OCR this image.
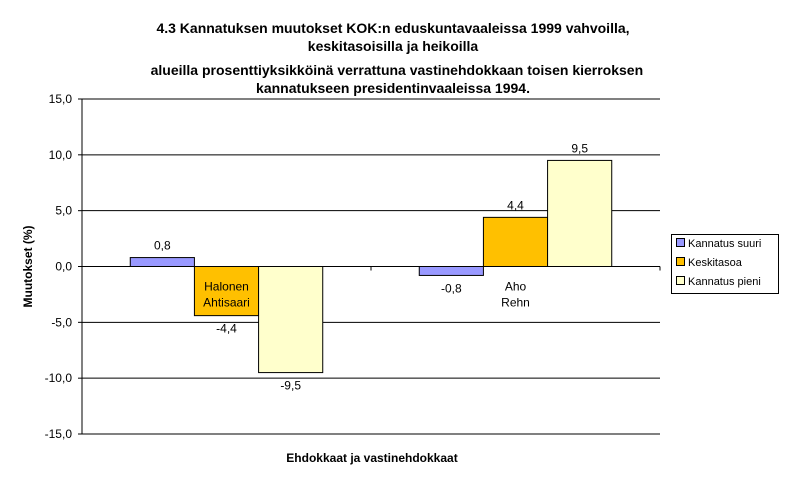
4.3 Kannatuksen muutokset KOK:n eduskuntavaaleissa 1999 vahvoilla,
keskitasoisilla ja heikoilla
alueilla prosenttiyksikköinä verrattuna vastinehdokkaan toisen kierroksen
kannatukseen presidentinvaaleissa 1994.
15,0
10,0
5,0
0,0
-5,0
-10,0
-15,0
0,8
-4,4
-9,5
Halonen Ahtisaari
-0,8
4,4
9,5
Aho Rehn
Ehdokkaat ja vastinehdokkaat
Muutokset (%)	Kannatus suuri
Keskitasoa
Kannatus pieni
